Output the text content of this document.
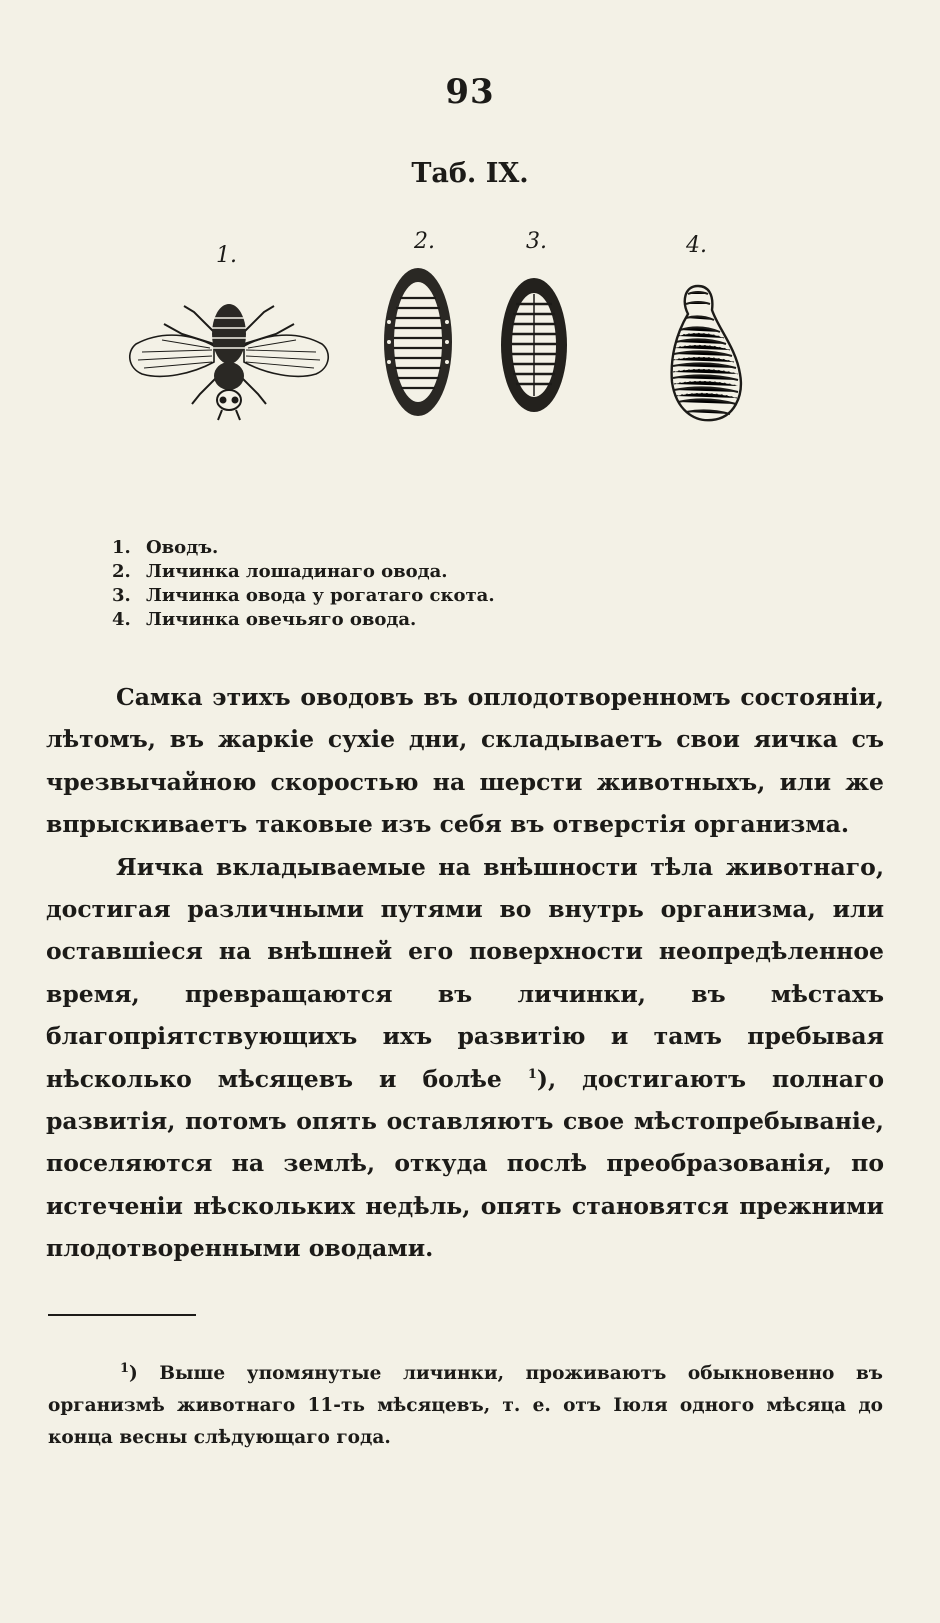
93
Таб. IX.
1.
2.	3.	4.
1. Оводъ.
2. Личинка лошадинаго овода.
3. Личинка овода у рогатаго скота.
4. Личинка овечьяго овода.

Самка этихъ оводовъ въ оплодотворенномъ состояніи, лѣтомъ, въ жаркіе сухіе дни, складываетъ свои яичка съ чрезвычайною скоростью на шерсти животныхъ, или же впрыскиваетъ таковые изъ себя въ отверстія организма.

Яичка вкладываемые на внѣшности тѣла животнаго, достигая различными путями во внутрь организма, или оставшіеся на внѣшней его поверхности неопредѣленное время, превращаются въ личинки, въ мѣстахъ благопріятствующихъ ихъ развитію и тамъ пребывая нѣсколько мѣсяцевъ и болѣе $^1$), достигаютъ полнаго развитія, потомъ опять оставляютъ свое мѣстопребываніе, поселяются на землѣ, откуда послѣ преобразованія, по истеченіи нѣскольких недѣль, опять становятся прежними плодотворенными оводами.

$^1$) Выше упомянутые личинки, проживаютъ обыкновенно въ организмѣ животнаго 11-ть мѣсяцевъ, т. е. отъ Іюля одного мѣсяца до конца весны слѣдующаго года.
